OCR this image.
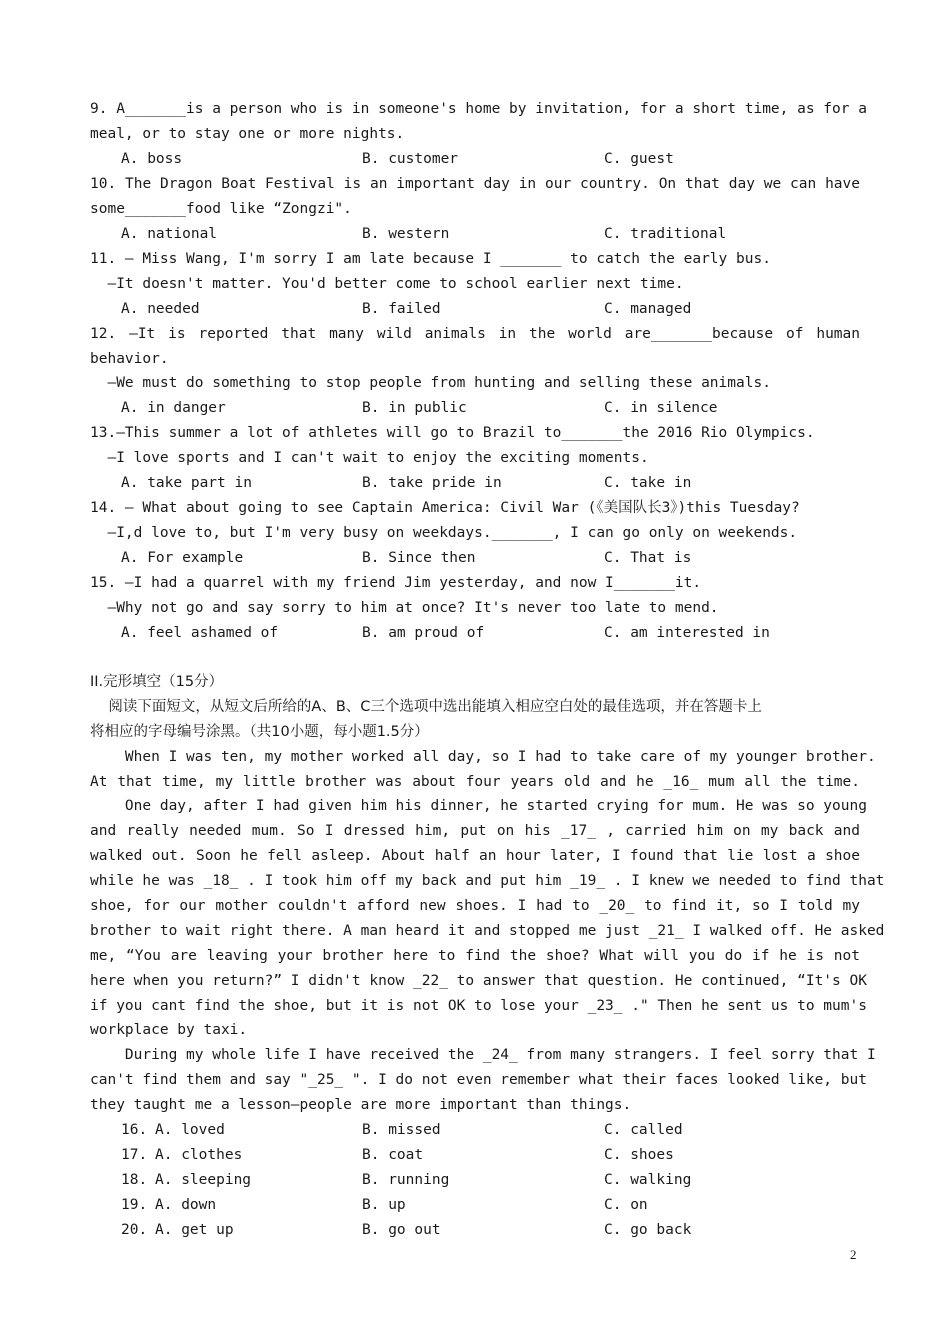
9. A_______is a person who is in someone's home by invitation, for a short time, as for a
meal, or to stay one or more nights.
A. boss	B. customer	C. guest
10. The Dragon Boat Festival is an important day in our country. On that day we can have
some_______food like “Zongzi".​
A. national	B. western	C. traditional
11. — Miss Wang, I'm sorry I am late because I _______ to catch the early bus.
—It doesn't matter. You'd better come to school earlier next time.
A. needed	B. failed	C. managed
12. —It is reported that many wild animals in the world are_______because of human
behavior.
—We must do something to stop people from hunting and selling these animals.
A. in danger	B. in public	C. in silence
13.—This summer a lot of athletes will go to Brazil to_______the 2016 Rio Olympics.
—I love sports and I can't wait to enjoy the exciting moments.
A. take part in	B. take pride in	C. take in
14. — What about going to see Captain America: Civil War (《美国队长3》)this Tuesday?
—I,d love to, but I'm very busy on weekdays._______, I can go only on weekends.
A. For example	B. Since then	C. That is
15. —I had a quarrel with my friend Jim yesterday, and now I_______it.
—Why not go and say sorry to him at once? It's never too late to mend.
A. feel ashamed of	B. am proud of	C. am interested in
II.完形填空（15分）
阅读下面短文，从短文后所给的A、B、C三个选项中选出能填入相应空白处的最佳选项，并在答题卡上
将相应的字母编号涂黑。（共10小题，每小题1.5分）
When I was ten, my mother worked all day, so I had to take care of my younger brother.
At that time, my little brother was about four years old and he _16_ mum all the time.
One day, after I had given him his dinner, he started crying for mum. He was so young
and really needed mum. So I dressed him, put on his _17_ , carried him on my back and
walked out. Soon he fell asleep. About half an hour later, I found that lie lost a shoe
while he was _18_ . I took him off my back and put him _19_ . I knew we needed to find that
shoe, for our mother couldn't afford new shoes. I had to _20_ to find it, so I told my
brother to wait right there. A man heard it and stopped me just _21_ I walked off. He asked
me, “You are leaving your brother here to find the shoe? What will you do if he is not
here when you return?” I didn't know _22_ to answer that question. He continued, “It's OK
if you cant find the shoe, but it is not OK to lose your _23_ ." Then he sent us to mum's
workplace by taxi.
During my whole life I have received the _24_ from many strangers. I feel sorry that I
can't find them and say "_25_ ". I do not even remember what their faces looked like, but
they taught me a lesson—people are more important than things.
16. A. loved	B. missed	C. called
17. A. clothes	B. coat	C. shoes
18. A. sleeping	B. running	C. walking
19. A. down	B. up	C. on
20. A. get up	B. go out	C. go back
2
